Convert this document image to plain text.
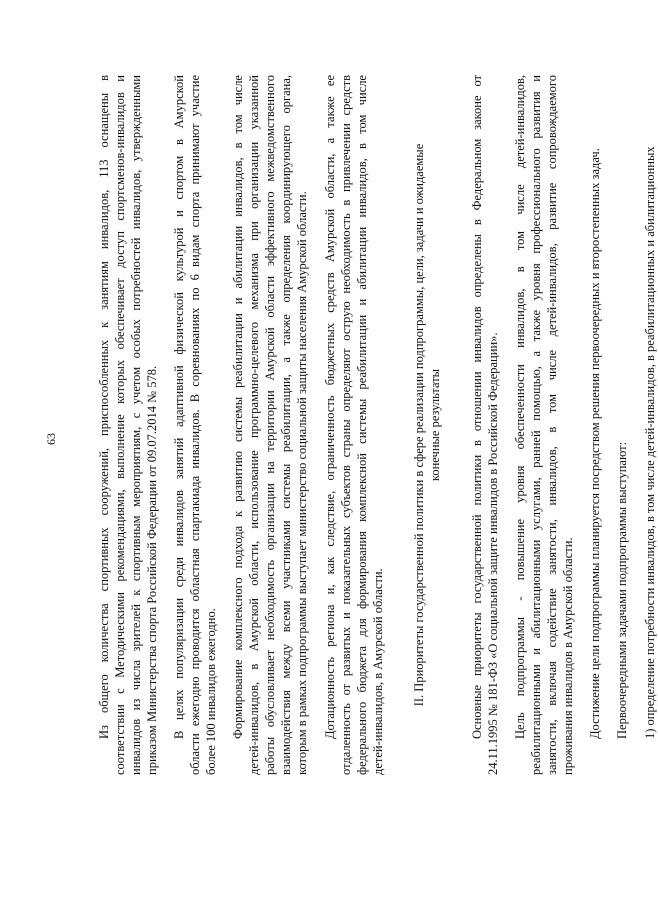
63	Из общего количества спортивных сооружений, приспособленных к занятиям инвалидов, 113 оснащены в соответствии с Методическими рекомендациями, выполнение которых обеспечивает доступ спортсменов-инвалидов и инвалидов из числа зрителей к спортивным мероприятиям, с учетом особых потребностей инвалидов, утвержденными приказом Министерства спорта Российской Федерации от 09.07.2014 № 578. В целях популяризации среди инвалидов занятий адаптивной физической культурой и спортом в Амурской области ежегодно проводится областная спартакиада инвалидов. В соревнованиях по 6 видам спорта принимают участие более 100 инвалидов ежегодно. Формирование комплексного подхода к развитию системы реабилитации и абилитации инвалидов, в том числе детей-инвалидов, в Амурской области, использование программно-целевого механизма при организации указанной работы обусловливает необходимость организации на территории Амурской области эффективного межведомственного взаимодействия между всеми участниками системы реабилитации, а также определения координирующего органа, которым в рамках подпрограммы выступает министерство социальной защиты населения Амурской области. Дотационность региона и, как следствие, ограниченность бюджетных средств Амурской области, а также ее отдаленность от развитых и показательных субъектов страны определяют острую необходимость в привлечении средств федерального бюджета для формирования комплексной системы реабилитации и абилитации инвалидов, в том числе детей-инвалидов, в Амурской области. II. Приоритеты государственной политики в сфере реализации подпрограммы, цели, задачи и ожидаемые конечные результаты Основные приоритеты государственной политики в отношении инвалидов определены в Федеральном законе от 24.11.1995 № 181-ФЗ «О социальной защите инвалидов в Российской Федерации». Цель подпрограммы - повышение уровня обеспеченности инвалидов, в том числе детей-инвалидов, реабилитационными и абилитационными услугами, ранней помощью, а также уровня профессионального развития и занятости, включая содействие занятости, инвалидов, в том числе детей-инвалидов, развитие сопровождаемого проживания инвалидов в Амурской области. Достижение цели подпрограммы планируется посредством решения первоочередных и второстепенных задач. Первоочередными задачами подпрограммы выступают: 1) определение потребности инвалидов, в том числе детей-инвалидов, в реабилитационных и абилитационных
